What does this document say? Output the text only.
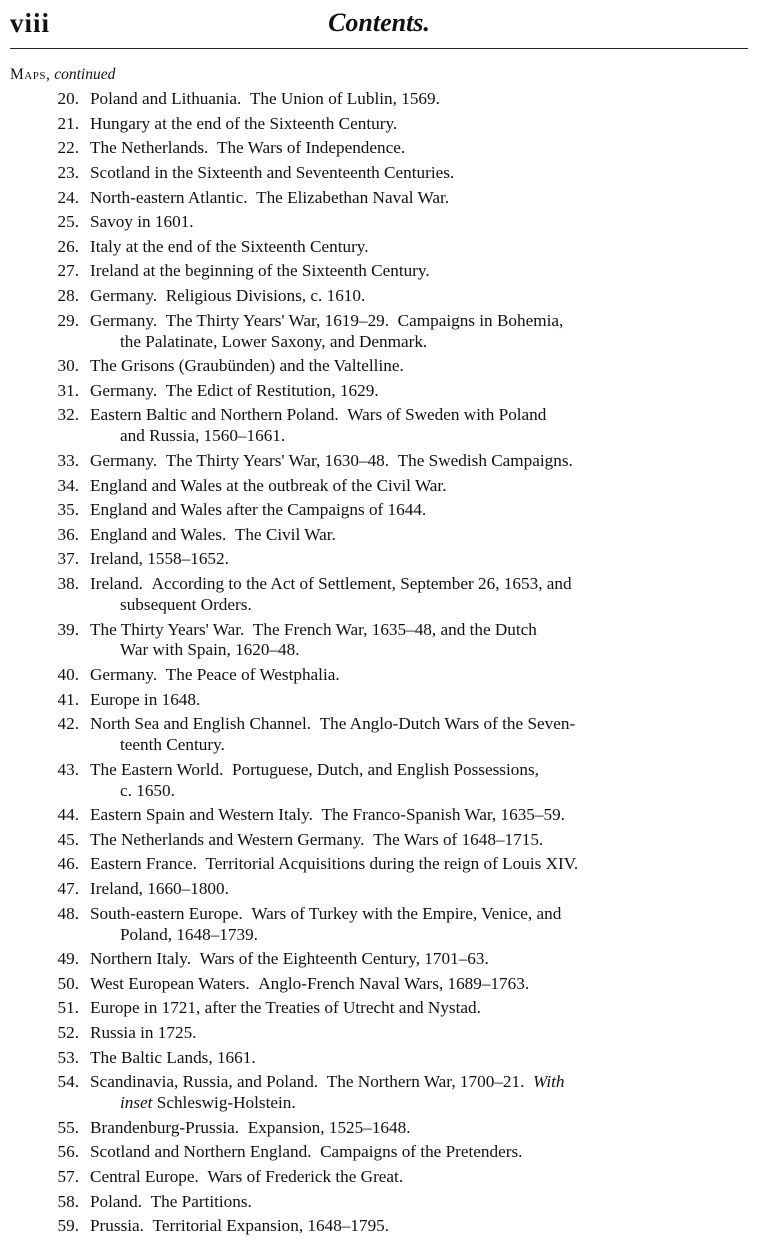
viii	Contents.
Maps, continued
20. Poland and Lithuania. The Union of Lublin, 1569.
21. Hungary at the end of the Sixteenth Century.
22. The Netherlands. The Wars of Independence.
23. Scotland in the Sixteenth and Seventeenth Centuries.
24. North-eastern Atlantic. The Elizabethan Naval War.
25. Savoy in 1601.
26. Italy at the end of the Sixteenth Century.
27. Ireland at the beginning of the Sixteenth Century.
28. Germany. Religious Divisions, c. 1610.
29. Germany. The Thirty Years' War, 1619–29. Campaigns in Bohemia,
the Palatinate, Lower Saxony, and Denmark.
30. The Grisons (Graubünden) and the Valtelline.
31. Germany. The Edict of Restitution, 1629.
32. Eastern Baltic and Northern Poland. Wars of Sweden with Poland
and Russia, 1560–1661.
33. Germany. The Thirty Years' War, 1630–48. The Swedish Campaigns.
34. England and Wales at the outbreak of the Civil War.
35. England and Wales after the Campaigns of 1644.
36. England and Wales. The Civil War.
37. Ireland, 1558–1652.
38. Ireland. According to the Act of Settlement, September 26, 1653, and
subsequent Orders.
39. The Thirty Years' War. The French War, 1635–48, and the Dutch
War with Spain, 1620–48.
40. Germany. The Peace of Westphalia.
41. Europe in 1648.
42. North Sea and English Channel. The Anglo-Dutch Wars of the Seven-
teenth Century.
43. The Eastern World. Portuguese, Dutch, and English Possessions,
c. 1650.
44. Eastern Spain and Western Italy. The Franco-Spanish War, 1635–59.
45. The Netherlands and Western Germany. The Wars of 1648–1715.
46. Eastern France. Territorial Acquisitions during the reign of Louis XIV.
47. Ireland, 1660–1800.
48. South-eastern Europe. Wars of Turkey with the Empire, Venice, and
Poland, 1648–1739.
49. Northern Italy. Wars of the Eighteenth Century, 1701–63.
50. West European Waters. Anglo-French Naval Wars, 1689–1763.
51. Europe in 1721, after the Treaties of Utrecht and Nystad.
52. Russia in 1725.
53. The Baltic Lands, 1661.
54. Scandinavia, Russia, and Poland. The Northern War, 1700–21.  With
inset Schleswig-Holstein.
55. Brandenburg-Prussia. Expansion, 1525–1648.
56. Scotland and Northern England. Campaigns of the Pretenders.
57. Central Europe. Wars of Frederick the Great.
58. Poland. The Partitions.
59. Prussia. Territorial Expansion, 1648–1795.
